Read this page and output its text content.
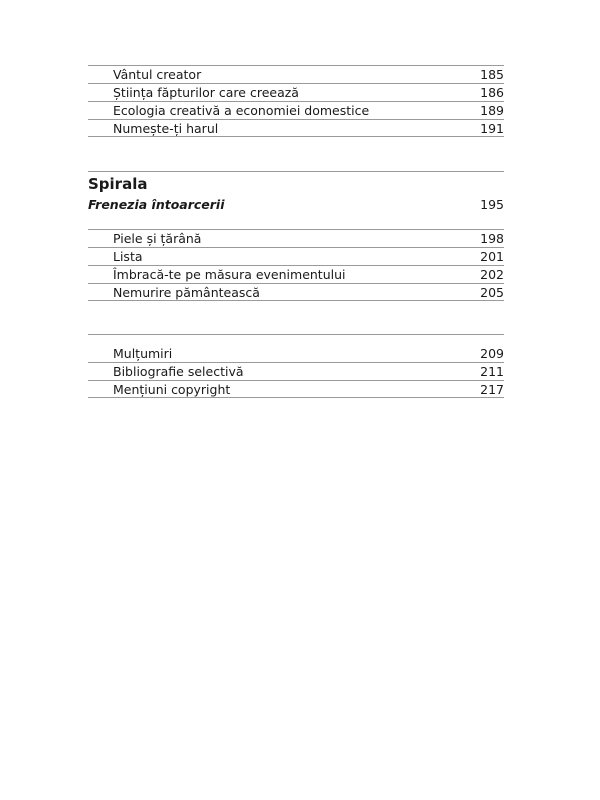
Vântul creator	185
Știința făpturilor care creează	186
Ecologia creativă a economiei domestice	189
Numește-ți harul	191
Spirala
Frenezia întoarcerii	195
Piele și țărână	198
Lista	201
Îmbracă-te pe măsura evenimentului	202
Nemurire pământească	205
Mulțumiri	209
Bibliografie selectivă	211
Mențiuni copyright	217
